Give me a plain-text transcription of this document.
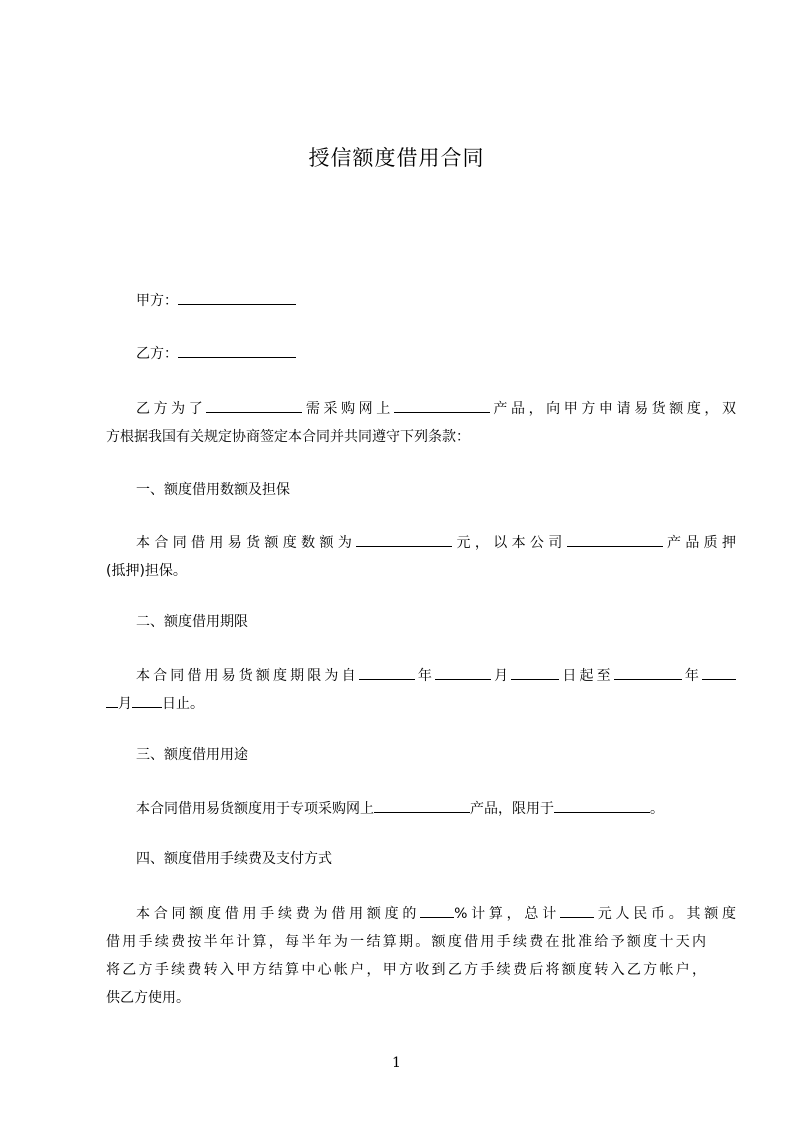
授信额度借用合同
甲方：
乙方：
乙方为了	需采购网上	产品，向甲方申请易货额度，双
方根据我国有关规定协商签定本合同并共同遵守下列条款：
一、额度借用数额及担保
本合同借用易货额度数额为	元，以本公司	产品质押
(抵押)担保。
二、额度借用期限
本合同借用易货额度期限为自	年	月	日起至	年
月 日止。
三、额度借用用途
本合同借用易货额度用于专项采购网上	产品，限用于	。
四、额度借用手续费及支付方式
本合同额度借用手续费为借用额度的 %计算，总计 元人民币。其额度
借用手续费按半年计算，每半年为一结算期。额度借用手续费在批准给予额度十天内
将乙方手续费转入甲方结算中心帐户，甲方收到乙方手续费后将额度转入乙方帐户，
供乙方使用。
1
